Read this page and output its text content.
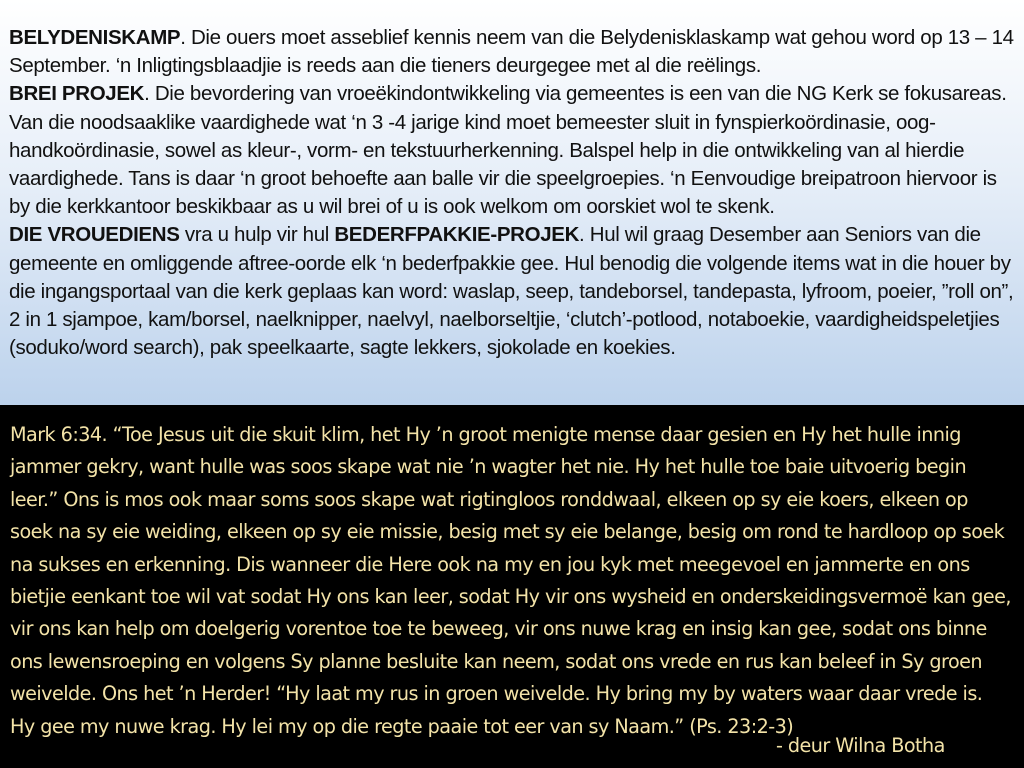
BELYDENISKAMP. Die ouers moet asseblief kennis neem van die Belydenisklaskamp wat gehou word op 13 – 14 September. ‘n Inligtingsblaadjie is reeds aan die tieners deurgegee met al die reëlings.

BREI PROJEK. Die bevordering van vroeëkindontwikkeling via gemeentes is een van die NG Kerk se fokusareas. Van die noodsaaklike vaardighede wat ‘n 3 -4 jarige kind moet bemeester sluit in fynspierkoördinasie, oog-handkoördinasie, sowel as kleur-, vorm- en tekstuurherkenning. Balspel help in die ontwikkeling van al hierdie vaardighede. Tans is daar ‘n groot behoefte aan balle vir die speelgroepies. ‘n Eenvoudige breipatroon hiervoor is by die kerkkantoor beskikbaar as u wil brei of u is ook welkom om oorskiet wol te skenk.

DIE VROUEDIENS vra u hulp vir hul BEDERFPAKKIE-PROJEK. Hul wil graag Desember aan Seniors van die gemeente en omliggende aftree-oorde elk ‘n bederfpakkie gee. Hul benodig die volgende items wat in die houer by die ingangsportaal van die kerk geplaas kan word: waslap, seep, tandeborsel, tandepasta, lyfroom, poeier, ”roll on”, 2 in 1 sjampoe, kam/borsel, naelknipper, naelvyl, naelborseltjie, ‘clutch’-potlood, notaboekie, vaardigheidspeletjies (soduko/word search), pak speelkaarte, sagte lekkers, sjokolade en koekies.

Mark 6:34. “Toe Jesus uit die skuit klim, het Hy ’n groot menigte mense daar gesien en Hy het hulle innig jammer gekry, want hulle was soos skape wat nie ’n wagter het nie. Hy het hulle toe baie uitvoerig begin leer.” Ons is mos ook maar soms soos skape wat rigtingloos ronddwaal, elkeen op sy eie koers, elkeen op soek na sy eie weiding, elkeen op sy eie missie, besig met sy eie belange, besig om rond te hardloop op soek na sukses en erkenning. Dis wanneer die Here ook na my en jou kyk met meegevoel en jammerte en ons bietjie eenkant toe wil vat sodat Hy ons kan leer, sodat Hy vir ons wysheid en onderskeidingsvermoë kan gee, vir ons kan help om doelgerig vorentoe toe te beweeg, vir ons nuwe krag en insig kan gee, sodat ons binne ons lewensroeping en volgens Sy planne besluite kan neem, sodat ons vrede en rus kan beleef in Sy groen weivelde. Ons het ’n Herder! “Hy laat my rus in groen weivelde. Hy bring my by waters waar daar vrede is. Hy gee my nuwe krag. Hy lei my op die regte paaie tot eer van sy Naam.” (Ps. 23:2-3)

- deur Wilna Botha
